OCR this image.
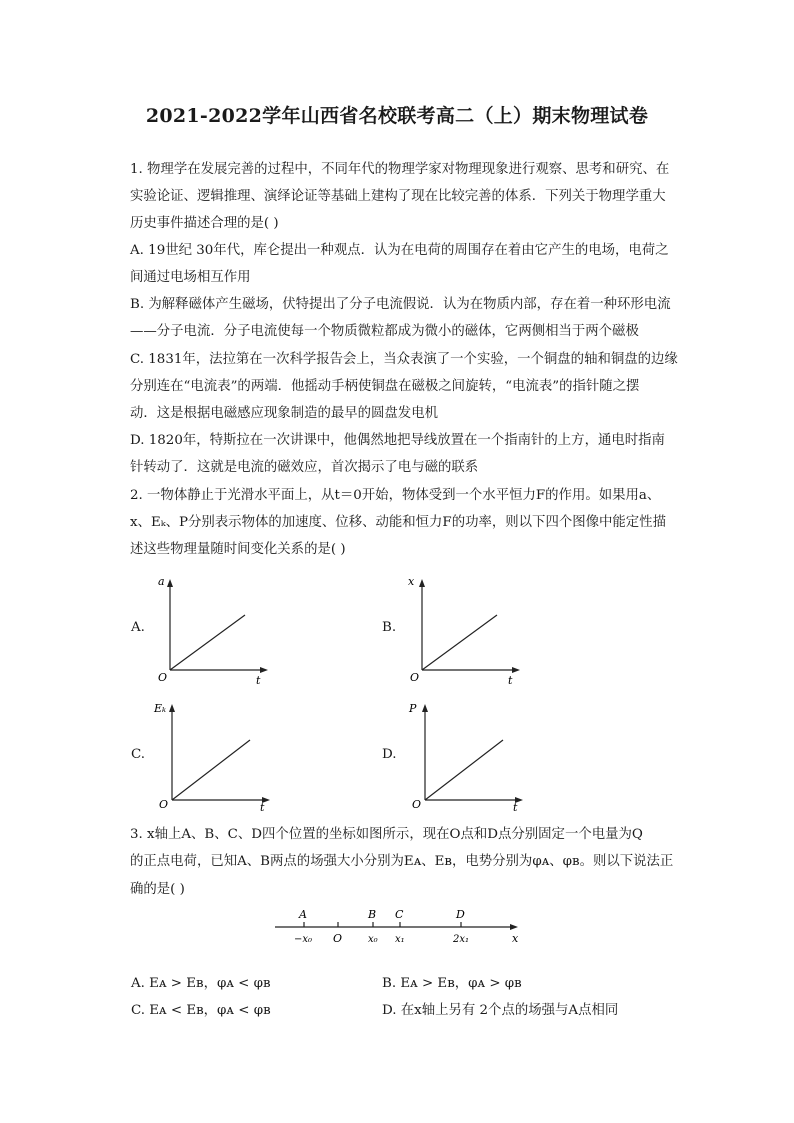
2021-2022学年山西省名校联考高二（上）期末物理试卷
1. 物理学在发展完善的过程中，不同年代的物理学家对物理现象进行观察、思考和研究、在
实验论证、逻辑推理、演绎论证等基础上建构了现在比较完善的体系．下列关于物理学重大
历史事件描述合理的是( )
A. 19世纪 30年代，库仑提出一种观点．认为在电荷的周围存在着由它产生的电场，电荷之
间通过电场相互作用
B. 为解释磁体产生磁场，伏特提出了分子电流假说．认为在物质内部，存在着一种环形电流
——分子电流．分子电流使每一个物质微粒都成为微小的磁体，它两侧相当于两个磁极
C. 1831年，法拉第在一次科学报告会上，当众表演了一个实验，一个铜盘的轴和铜盘的边缘
分别连在“电流表”的两端．他摇动手柄使铜盘在磁极之间旋转，“电流表”的指针随之摆
动．这是根据电磁感应现象制造的最早的圆盘发电机
D. 1820年，特斯拉在一次讲课中，他偶然地把导线放置在一个指南针的上方，通电时指南
针转动了．这就是电流的磁效应，首次揭示了电与磁的联系
2. 一物体静止于光滑水平面上，从t＝0开始，物体受到一个水平恒力F的作用。如果用a、
x、Eₖ、P分别表示物体的加速度、位移、动能和恒力F的功率，则以下四个图像中能定性描
述这些物理量随时间变化关系的是( )
A.
a
O	t
B.
x
O	t
C.
Eₖ
O	t
D.
P
O	t
3. x轴上A、B、C、D四个位置的坐标如图所示，现在O点和D点分别固定一个电量为Q
的正点电荷，已知A、B两点的场强大小分别为Eᴀ、Eʙ，电势分别为φᴀ、φʙ。则以下说法正
确的是( )
A
−x₀ O
B
x₀
C
x₁
D
2x₁	x
A. Eᴀ > Eʙ，φᴀ < φʙ	B. Eᴀ > Eʙ，φᴀ > φʙ
C. Eᴀ < Eʙ，φᴀ < φʙ	D. 在x轴上另有 2个点的场强与A点相同
